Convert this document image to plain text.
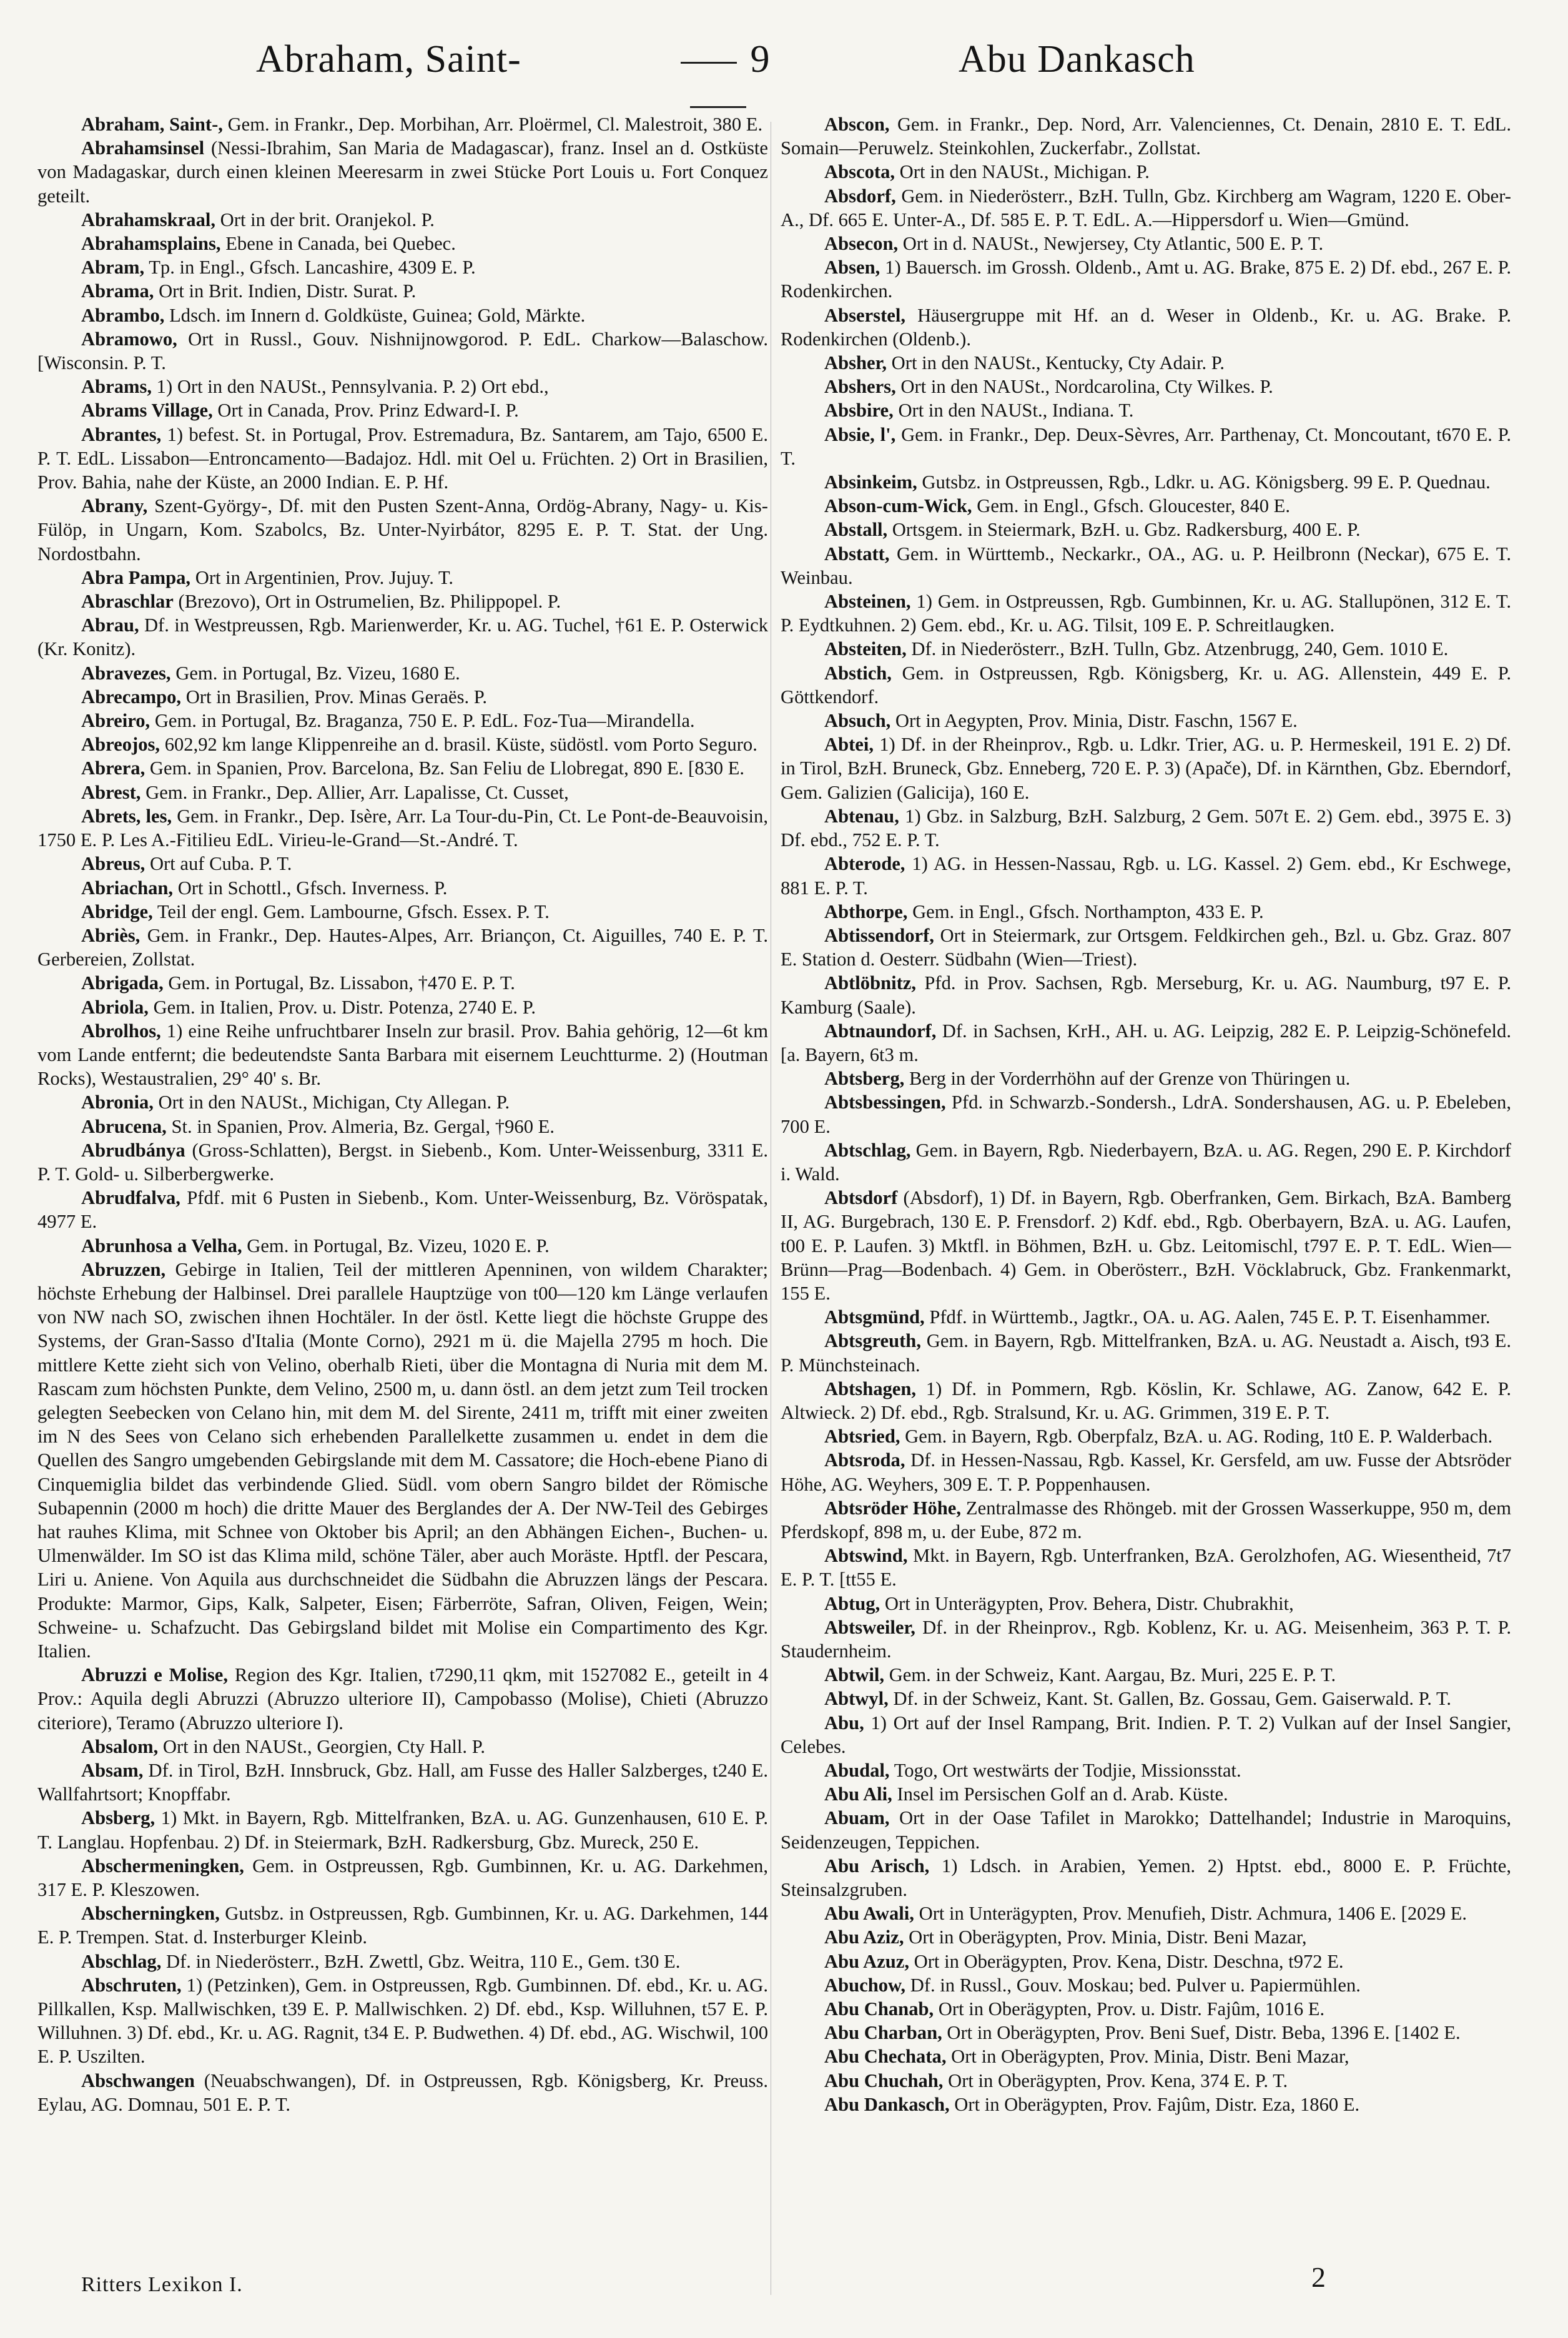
Abraham, Saint-	9	Abu Dankasch

Abraham, Saint-, Gem. in Frankr., Dep. Morbihan, Arr. Ploërmel, Cl. Malestroit, 380 E.

Abrahamsinsel (Nessi-Ibrahim, San Maria de Madagascar), franz. Insel an d. Ostküste von Madagaskar, durch einen kleinen Meeresarm in zwei Stücke Port Louis u. Fort Conquez geteilt.

Abrahamskraal, Ort in der brit. Oranjekol. P.

Abrahamsplains, Ebene in Canada, bei Quebec.

Abram, Tp. in Engl., Gfsch. Lancashire, 4309 E. P.

Abrama, Ort in Brit. Indien, Distr. Surat. P.

Abrambo, Ldsch. im Innern d. Goldküste, Guinea; Gold, Märkte.

Abramowo, Ort in Russl., Gouv. Nishnijnowgorod. P. EdL. Charkow—Balaschow. [Wisconsin. P. T.

Abrams, 1) Ort in den NAUSt., Pennsylvania. P. 2) Ort ebd.,

Abrams Village, Ort in Canada, Prov. Prinz Edward-I. P.

Abrantes, 1) befest. St. in Portugal, Prov. Estremadura, Bz. Santarem, am Tajo, 6500 E. P. T. EdL. Lissabon—Entroncamento—Badajoz. Hdl. mit Oel u. Früchten. 2) Ort in Brasilien, Prov. Bahia, nahe der Küste, an 2000 Indian. E. P. Hf.

Abrany, Szent-György-, Df. mit den Pusten Szent-Anna, Ordög-Abrany, Nagy- u. Kis-Fülöp, in Ungarn, Kom. Szabolcs, Bz. Unter-Nyirbátor, 8295 E. P. T. Stat. der Ung. Nordostbahn.

Abra Pampa, Ort in Argentinien, Prov. Jujuy. T.

Abraschlar (Brezovo), Ort in Ostrumelien, Bz. Philippopel. P.

Abrau, Df. in Westpreussen, Rgb. Marienwerder, Kr. u. AG. Tuchel, †61 E. P. Osterwick (Kr. Konitz).

Abravezes, Gem. in Portugal, Bz. Vizeu, 1680 E.

Abrecampo, Ort in Brasilien, Prov. Minas Geraës. P.

Abreiro, Gem. in Portugal, Bz. Braganza, 750 E. P. EdL. Foz-Tua—Mirandella.

Abreojos, 602,92 km lange Klippenreihe an d. brasil. Küste, südöstl. vom Porto Seguro.

Abrera, Gem. in Spanien, Prov. Barcelona, Bz. San Feliu de Llobregat, 890 E. [830 E.

Abrest, Gem. in Frankr., Dep. Allier, Arr. Lapalisse, Ct. Cusset,

Abrets, les, Gem. in Frankr., Dep. Isère, Arr. La Tour-du-Pin, Ct. Le Pont-de-Beauvoisin, 1750 E. P. Les A.-Fitilieu EdL. Virieu-le-Grand—St.-André. T.

Abreus, Ort auf Cuba. P. T.

Abriachan, Ort in Schottl., Gfsch. Inverness. P.

Abridge, Teil der engl. Gem. Lambourne, Gfsch. Essex. P. T.

Abriès, Gem. in Frankr., Dep. Hautes-Alpes, Arr. Briançon, Ct. Aiguilles, 740 E. P. T. Gerbereien, Zollstat.

Abrigada, Gem. in Portugal, Bz. Lissabon, †470 E. P. T.

Abriola, Gem. in Italien, Prov. u. Distr. Potenza, 2740 E. P.

Abrolhos, 1) eine Reihe unfruchtbarer Inseln zur brasil. Prov. Bahia gehörig, 12—6t km vom Lande entfernt; die bedeutendste Santa Barbara mit eisernem Leuchtturme. 2) (Houtman Rocks), Westaustralien, 29° 40' s. Br.

Abronia, Ort in den NAUSt., Michigan, Cty Allegan. P.

Abrucena, St. in Spanien, Prov. Almeria, Bz. Gergal, †960 E.

Abrudbánya (Gross-Schlatten), Bergst. in Siebenb., Kom. Unter-Weissenburg, 3311 E. P. T. Gold- u. Silberbergwerke.

Abrudfalva, Pfdf. mit 6 Pusten in Siebenb., Kom. Unter-Weissenburg, Bz. Vöröspatak, 4977 E.

Abrunhosa a Velha, Gem. in Portugal, Bz. Vizeu, 1020 E. P.

Abruzzen, Gebirge in Italien, Teil der mittleren Apenninen, von wildem Charakter; höchste Erhebung der Halbinsel. Drei parallele Hauptzüge von t00—120 km Länge verlaufen von NW nach SO, zwischen ihnen Hochtäler. In der östl. Kette liegt die höchste Gruppe des Systems, der Gran-Sasso d'Italia (Monte Corno), 2921 m ü. die Majella 2795 m hoch. Die mittlere Kette zieht sich von Velino, oberhalb Rieti, über die Montagna di Nuria mit dem M. Rascam zum höchsten Punkte, dem Velino, 2500 m, u. dann östl. an dem jetzt zum Teil trocken gelegten Seebecken von Celano hin, mit dem M. del Sirente, 2411 m, trifft mit einer zweiten im N des Sees von Celano sich erhebenden Parallelkette zusammen u. endet in dem die Quellen des Sangro umgebenden Gebirgslande mit dem M. Cassatore; die Hoch-ebene Piano di Cinquemiglia bildet das verbindende Glied. Südl. vom obern Sangro bildet der Römische Subapennin (2000 m hoch) die dritte Mauer des Berglandes der A. Der NW-Teil des Gebirges hat rauhes Klima, mit Schnee von Oktober bis April; an den Abhängen Eichen-, Buchen- u. Ulmenwälder. Im SO ist das Klima mild, schöne Täler, aber auch Moräste. Hptfl. der Pescara, Liri u. Aniene. Von Aquila aus durchschneidet die Südbahn die Abruzzen längs der Pescara. Produkte: Marmor, Gips, Kalk, Salpeter, Eisen; Färberröte, Safran, Oliven, Feigen, Wein; Schweine- u. Schafzucht. Das Gebirgsland bildet mit Molise ein Compartimento des Kgr. Italien.

Abruzzi e Molise, Region des Kgr. Italien, t7290,11 qkm, mit 1527082 E., geteilt in 4 Prov.: Aquila degli Abruzzi (Abruzzo ulteriore II), Campobasso (Molise), Chieti (Abruzzo citeriore), Teramo (Abruzzo ulteriore I).

Absalom, Ort in den NAUSt., Georgien, Cty Hall. P.

Absam, Df. in Tirol, BzH. Innsbruck, Gbz. Hall, am Fusse des Haller Salzberges, t240 E. Wallfahrtsort; Knopffabr.

Absberg, 1) Mkt. in Bayern, Rgb. Mittelfranken, BzA. u. AG. Gunzenhausen, 610 E. P. T. Langlau. Hopfenbau. 2) Df. in Steiermark, BzH. Radkersburg, Gbz. Mureck, 250 E.

Abschermeningken, Gem. in Ostpreussen, Rgb. Gumbinnen, Kr. u. AG. Darkehmen, 317 E. P. Kleszowen.

Abscherningken, Gutsbz. in Ostpreussen, Rgb. Gumbinnen, Kr. u. AG. Darkehmen, 144 E. P. Trempen. Stat. d. Insterburger Kleinb.

Abschlag, Df. in Niederösterr., BzH. Zwettl, Gbz. Weitra, 110 E., Gem. t30 E.

Abschruten, 1) (Petzinken), Gem. in Ostpreussen, Rgb. Gumbinnen. Df. ebd., Kr. u. AG. Pillkallen, Ksp. Mallwischken, t39 E. P. Mallwischken. 2) Df. ebd., Ksp. Willuhnen, t57 E. P. Willuhnen. 3) Df. ebd., Kr. u. AG. Ragnit, t34 E. P. Budwethen. 4) Df. ebd., AG. Wischwil, 100 E. P. Uszilten.

Abschwangen (Neuabschwangen), Df. in Ostpreussen, Rgb. Königsberg, Kr. Preuss. Eylau, AG. Domnau, 501 E. P. T.

Abscon, Gem. in Frankr., Dep. Nord, Arr. Valenciennes, Ct. Denain, 2810 E. T. EdL. Somain—Peruwelz. Steinkohlen, Zuckerfabr., Zollstat.

Abscota, Ort in den NAUSt., Michigan. P.

Absdorf, Gem. in Niederösterr., BzH. Tulln, Gbz. Kirchberg am Wagram, 1220 E. Ober-A., Df. 665 E. Unter-A., Df. 585 E. P. T. EdL. A.—Hippersdorf u. Wien—Gmünd.

Absecon, Ort in d. NAUSt., Newjersey, Cty Atlantic, 500 E. P. T.

Absen, 1) Bauersch. im Grossh. Oldenb., Amt u. AG. Brake, 875 E. 2) Df. ebd., 267 E. P. Rodenkirchen.

Abserstel, Häusergruppe mit Hf. an d. Weser in Oldenb., Kr. u. AG. Brake. P. Rodenkirchen (Oldenb.).

Absher, Ort in den NAUSt., Kentucky, Cty Adair. P.

Abshers, Ort in den NAUSt., Nordcarolina, Cty Wilkes. P.

Absbire, Ort in den NAUSt., Indiana. T.

Absie, l', Gem. in Frankr., Dep. Deux-Sèvres, Arr. Parthenay, Ct. Moncoutant, t670 E. P. T.

Absinkeim, Gutsbz. in Ostpreussen, Rgb., Ldkr. u. AG. Königsberg. 99 E. P. Quednau.

Abson-cum-Wick, Gem. in Engl., Gfsch. Gloucester, 840 E.

Abstall, Ortsgem. in Steiermark, BzH. u. Gbz. Radkersburg, 400 E. P.

Abstatt, Gem. in Württemb., Neckarkr., OA., AG. u. P. Heilbronn (Neckar), 675 E. T. Weinbau.

Absteinen, 1) Gem. in Ostpreussen, Rgb. Gumbinnen, Kr. u. AG. Stallupönen, 312 E. T. P. Eydtkuhnen. 2) Gem. ebd., Kr. u. AG. Tilsit, 109 E. P. Schreitlaugken.

Absteiten, Df. in Niederösterr., BzH. Tulln, Gbz. Atzenbrugg, 240, Gem. 1010 E.

Abstich, Gem. in Ostpreussen, Rgb. Königsberg, Kr. u. AG. Allenstein, 449 E. P. Göttkendorf.

Absuch, Ort in Aegypten, Prov. Minia, Distr. Faschn, 1567 E.

Abtei, 1) Df. in der Rheinprov., Rgb. u. Ldkr. Trier, AG. u. P. Hermeskeil, 191 E. 2) Df. in Tirol, BzH. Bruneck, Gbz. Enneberg, 720 E. P. 3) (Apače), Df. in Kärnthen, Gbz. Eberndorf, Gem. Galizien (Galicija), 160 E.

Abtenau, 1) Gbz. in Salzburg, BzH. Salzburg, 2 Gem. 507t E. 2) Gem. ebd., 3975 E. 3) Df. ebd., 752 E. P. T.

Abterode, 1) AG. in Hessen-Nassau, Rgb. u. LG. Kassel. 2) Gem. ebd., Kr Eschwege, 881 E. P. T.

Abthorpe, Gem. in Engl., Gfsch. Northampton, 433 E. P.

Abtissendorf, Ort in Steiermark, zur Ortsgem. Feldkirchen geh., Bzl. u. Gbz. Graz. 807 E. Station d. Oesterr. Südbahn (Wien—Triest).

Abtlöbnitz, Pfd. in Prov. Sachsen, Rgb. Merseburg, Kr. u. AG. Naumburg, t97 E. P. Kamburg (Saale).

Abtnaundorf, Df. in Sachsen, KrH., AH. u. AG. Leipzig, 282 E. P. Leipzig-Schönefeld. [a. Bayern, 6t3 m.

Abtsberg, Berg in der Vorderrhöhn auf der Grenze von Thüringen u.

Abtsbessingen, Pfd. in Schwarzb.-Sondersh., LdrA. Sondershausen, AG. u. P. Ebeleben, 700 E.

Abtschlag, Gem. in Bayern, Rgb. Niederbayern, BzA. u. AG. Regen, 290 E. P. Kirchdorf i. Wald.

Abtsdorf (Absdorf), 1) Df. in Bayern, Rgb. Oberfranken, Gem. Birkach, BzA. Bamberg II, AG. Burgebrach, 130 E. P. Frensdorf. 2) Kdf. ebd., Rgb. Oberbayern, BzA. u. AG. Laufen, t00 E. P. Laufen. 3) Mktfl. in Böhmen, BzH. u. Gbz. Leitomischl, t797 E. P. T. EdL. Wien—Brünn—Prag—Bodenbach. 4) Gem. in Oberösterr., BzH. Vöcklabruck, Gbz. Frankenmarkt, 155 E.

Abtsgmünd, Pfdf. in Württemb., Jagtkr., OA. u. AG. Aalen, 745 E. P. T. Eisenhammer.

Abtsgreuth, Gem. in Bayern, Rgb. Mittelfranken, BzA. u. AG. Neustadt a. Aisch, t93 E. P. Münchsteinach.

Abtshagen, 1) Df. in Pommern, Rgb. Köslin, Kr. Schlawe, AG. Zanow, 642 E. P. Altwieck. 2) Df. ebd., Rgb. Stralsund, Kr. u. AG. Grimmen, 319 E. P. T.

Abtsried, Gem. in Bayern, Rgb. Oberpfalz, BzA. u. AG. Roding, 1t0 E. P. Walderbach.

Abtsroda, Df. in Hessen-Nassau, Rgb. Kassel, Kr. Gersfeld, am uw. Fusse der Abtsröder Höhe, AG. Weyhers, 309 E. T. P. Poppenhausen.

Abtsröder Höhe, Zentralmasse des Rhöngeb. mit der Grossen Wasserkuppe, 950 m, dem Pferdskopf, 898 m, u. der Eube, 872 m.

Abtswind, Mkt. in Bayern, Rgb. Unterfranken, BzA. Gerolzhofen, AG. Wiesentheid, 7t7 E. P. T. [tt55 E.

Abtug, Ort in Unterägypten, Prov. Behera, Distr. Chubrakhit,

Abtsweiler, Df. in der Rheinprov., Rgb. Koblenz, Kr. u. AG. Meisenheim, 363 P. T. P. Staudernheim.

Abtwil, Gem. in der Schweiz, Kant. Aargau, Bz. Muri, 225 E. P. T.

Abtwyl, Df. in der Schweiz, Kant. St. Gallen, Bz. Gossau, Gem. Gaiserwald. P. T.

Abu, 1) Ort auf der Insel Rampang, Brit. Indien. P. T. 2) Vulkan auf der Insel Sangier, Celebes.

Abudal, Togo, Ort westwärts der Todjie, Missionsstat.

Abu Ali, Insel im Persischen Golf an d. Arab. Küste.

Abuam, Ort in der Oase Tafilet in Marokko; Dattelhandel; Industrie in Maroquins, Seidenzeugen, Teppichen.

Abu Arisch, 1) Ldsch. in Arabien, Yemen. 2) Hptst. ebd., 8000 E. P. Früchte, Steinsalzgruben.

Abu Awali, Ort in Unterägypten, Prov. Menufieh, Distr. Achmura, 1406 E. [2029 E.

Abu Aziz, Ort in Oberägypten, Prov. Minia, Distr. Beni Mazar,

Abu Azuz, Ort in Oberägypten, Prov. Kena, Distr. Deschna, t972 E.

Abuchow, Df. in Russl., Gouv. Moskau; bed. Pulver u. Papiermühlen.

Abu Chanab, Ort in Oberägypten, Prov. u. Distr. Fajûm, 1016 E.

Abu Charban, Ort in Oberägypten, Prov. Beni Suef, Distr. Beba, 1396 E. [1402 E.

Abu Chechata, Ort in Oberägypten, Prov. Minia, Distr. Beni Mazar,

Abu Chuchah, Ort in Oberägypten, Prov. Kena, 374 E. P. T.

Abu Dankasch, Ort in Oberägypten, Prov. Fajûm, Distr. Eza, 1860 E.

Ritters Lexikon I.	2
